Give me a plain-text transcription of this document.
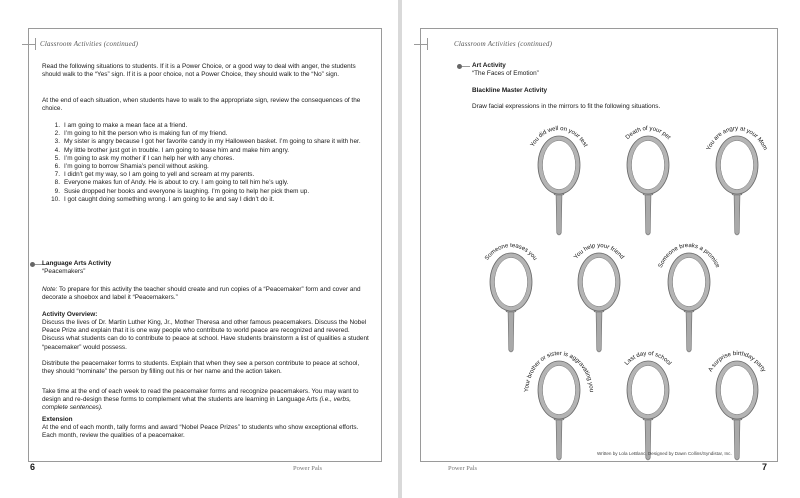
Classroom Activities (continued)
Read the following situations to students. If it is a Power Choice, or a good way to deal with anger, the students should walk to the “Yes” sign. If it is a poor choice, not a Power Choice, they should walk to the “No” sign.
At the end of each situation, when students have to walk to the appropriate sign, review the consequences of the choice.
1. I am going to make a mean face at a friend.
2. I’m going to hit the person who is making fun of my friend.
3. My sister is angry because I got her favorite candy in my Halloween basket. I’m going to share it with her.
4. My little brother just got in trouble. I am going to tease him and make him angry.
5. I’m going to ask my mother if I can help her with any chores.
6. I’m going to borrow Shamia’s pencil without asking.
7. I didn’t get my way, so I am going to yell and scream at my parents.
8. Everyone makes fun of Andy. He is about to cry. I am going to tell him he’s ugly.
9. Susie dropped her books and everyone is laughing. I’m going to help her pick them up.
10. I got caught doing something wrong. I am going to lie and say I didn’t do it.
Language Arts Activity
“Peacemakers”
Note: To prepare for this activity the teacher should create and run copies of a “Peacemaker” form and cover and decorate a shoebox and label it “Peacemakers.”
Activity Overview:
Discuss the lives of Dr. Martin Luther King, Jr., Mother Theresa and other famous peacemakers. Discuss the Nobel Peace Prize and explain that it is one way people who contribute to world peace are recognized and revered. Discuss what students can do to contribute to peace at school. Have students brainstorm a list of qualities a student “peacemaker” would possess.
Distribute the peacemaker forms to students. Explain that when they see a person contribute to peace at school, they should “nominate” the person by filling out his or her name and the action taken.
Take time at the end of each week to read the peacemaker forms and recognize peacemakers. You may want to design and re-design these forms to complement what the students are learning in Language Arts (i.e., verbs, complete sentences).
Extension
At the end of each month, tally forms and award “Nobel Peace Prizes” to students who show exceptional efforts. Each month, review the qualities of a peacemaker.
6	Power Pals
Classroom Activities (continued)
Art Activity
“The Faces of Emotion”
Blackline Master Activity
Draw facial expressions in the mirrors to fit the following situations.
You did well on your test
Death of your pet
You are angry at your Mom
Someone teases you	You help your friend
Someone breaks a promise
Your brother or sister is aggravating you
Last day of school
A surprise birthday party
Written by Lola LeBlanc, Designed by Dawn Collins/Syndistar, Inc.
Power Pals	7
